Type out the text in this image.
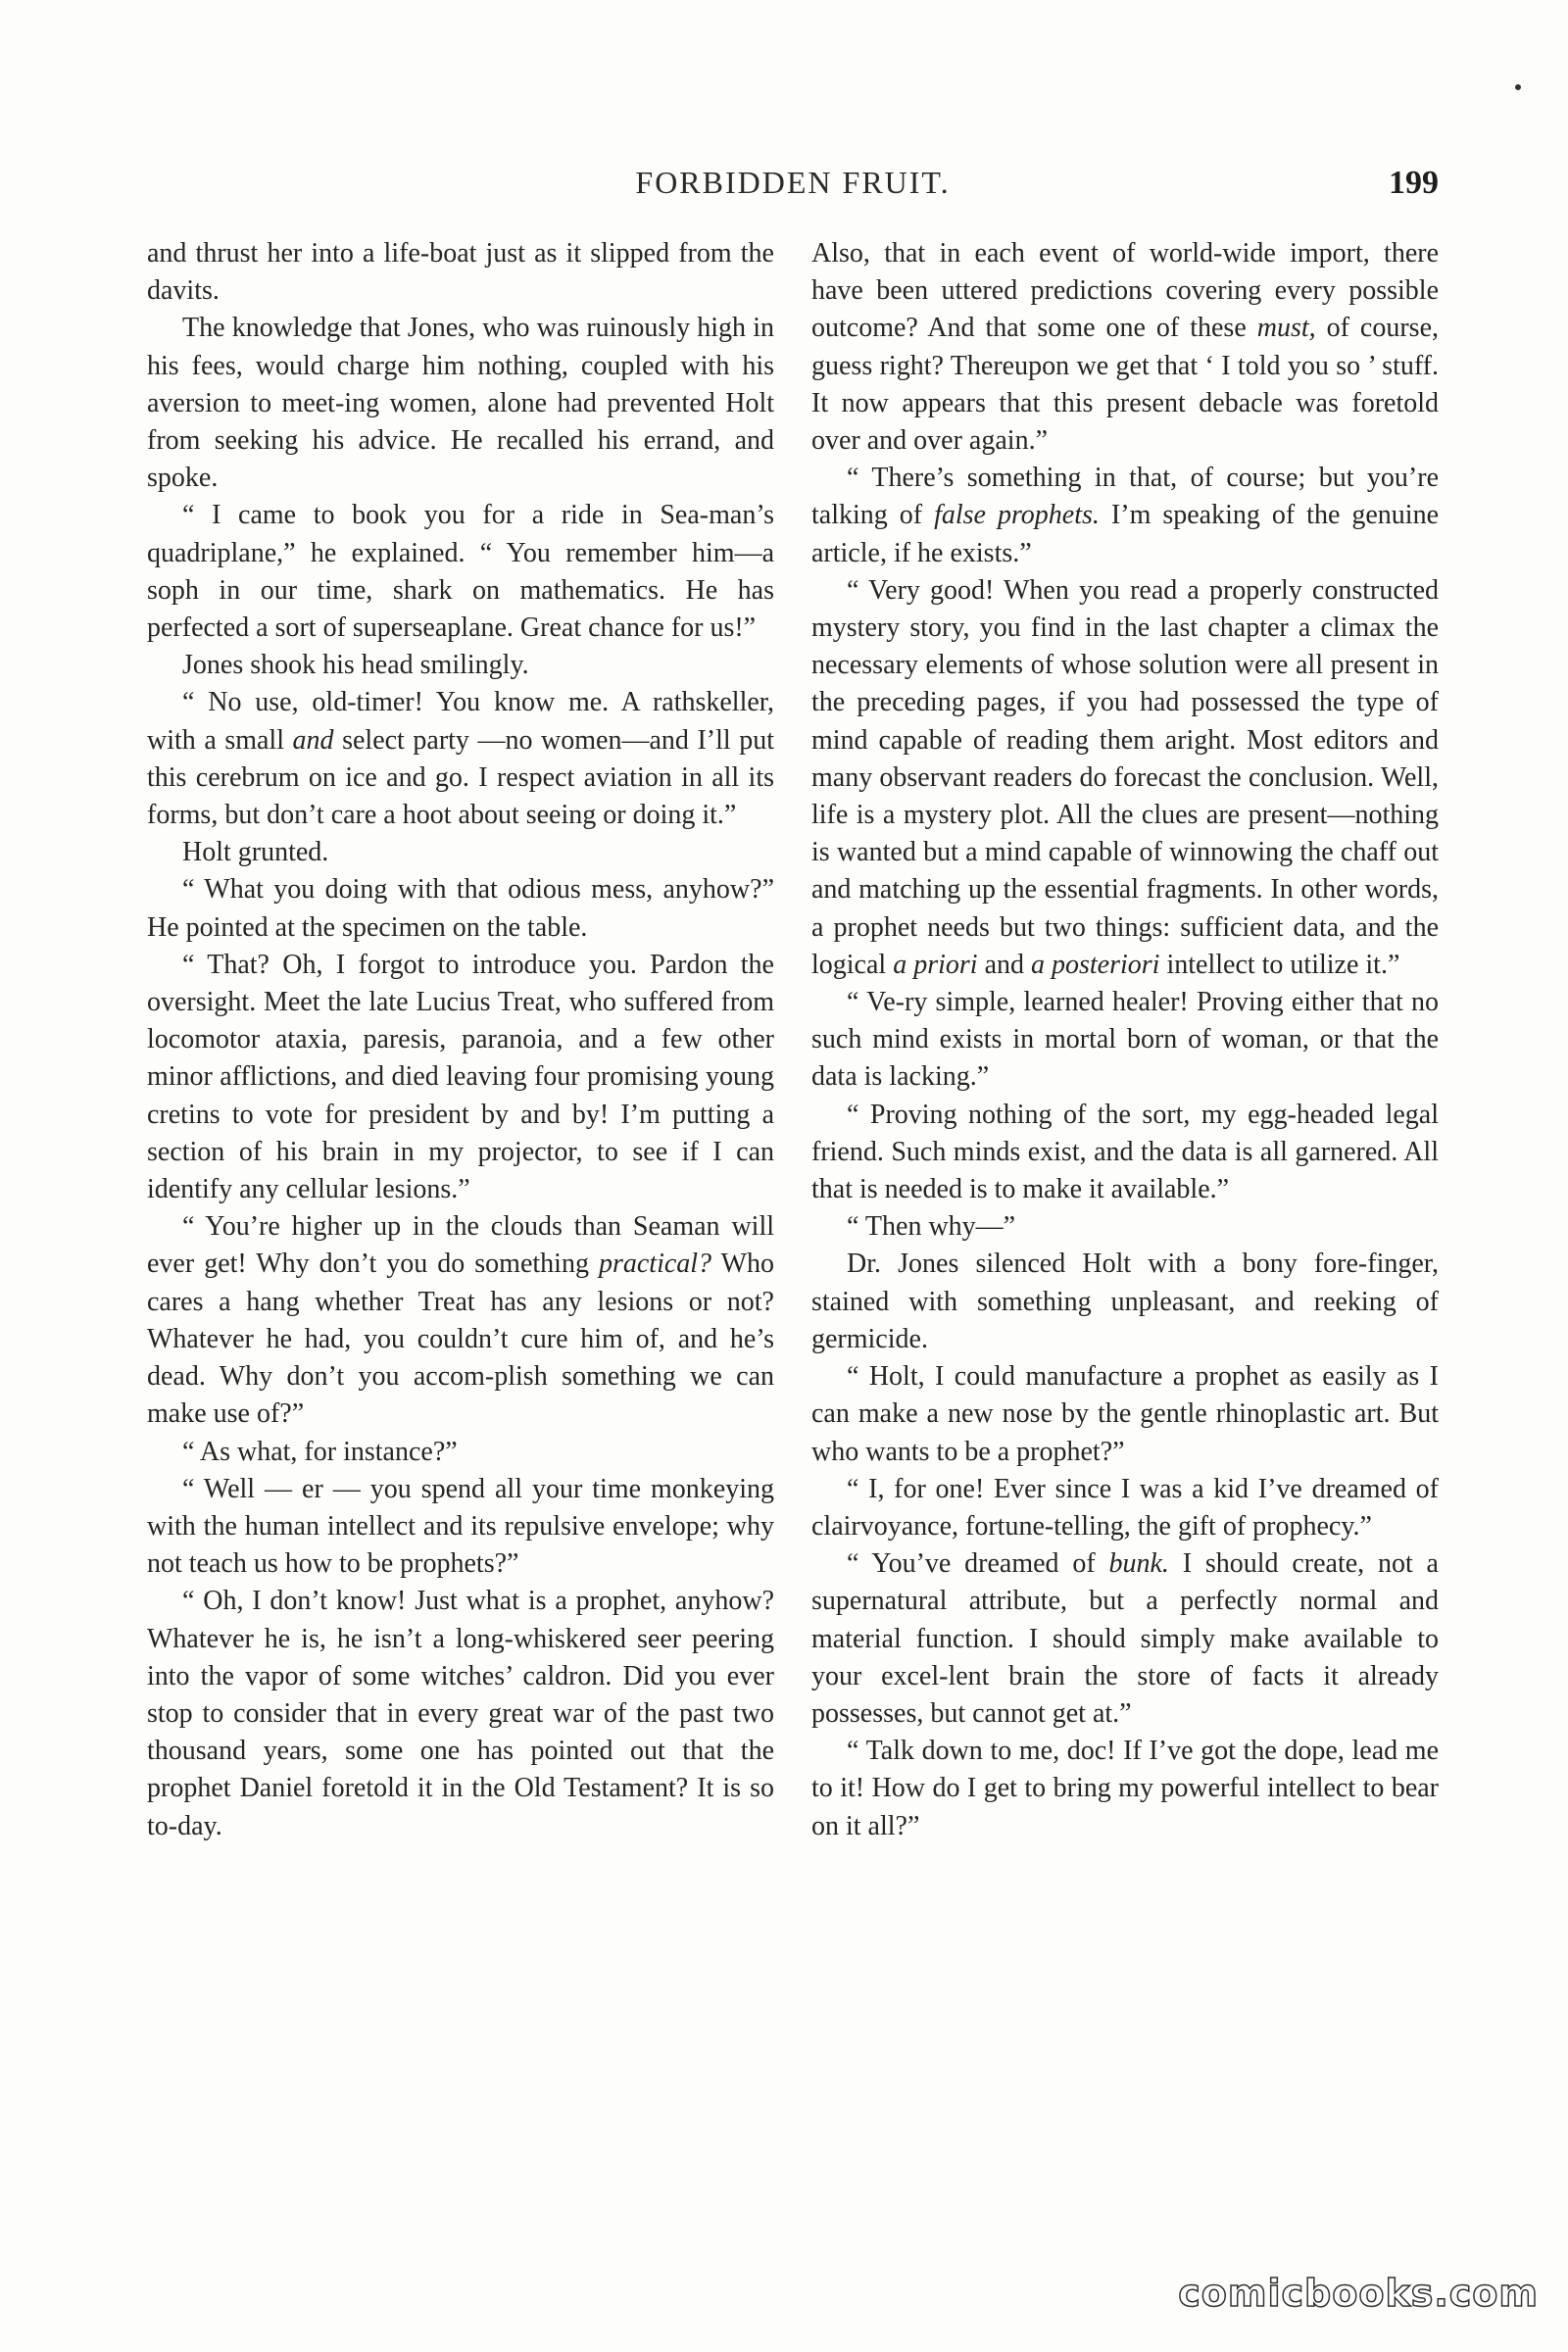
FORBIDDEN FRUIT.	199

and thrust her into a life-boat just as it slipped from the davits.

The knowledge that Jones, who was ruinously high in his fees, would charge him nothing, coupled with his aversion to meet-ing women, alone had prevented Holt from seeking his advice. He recalled his errand, and spoke.

“ I came to book you for a ride in Sea-man’s quadriplane,” he explained. “ You remember him—a soph in our time, shark on mathematics. He has perfected a sort of superseaplane. Great chance for us!”

Jones shook his head smilingly.

“ No use, old-timer! You know me. A rathskeller, with a small and select party —no women—and I’ll put this cerebrum on ice and go. I respect aviation in all its forms, but don’t care a hoot about seeing or doing it.”

Holt grunted.

“ What you doing with that odious mess, anyhow?” He pointed at the specimen on the table.

“ That? Oh, I forgot to introduce you. Pardon the oversight. Meet the late Lucius Treat, who suffered from locomotor ataxia, paresis, paranoia, and a few other minor afflictions, and died leaving four promising young cretins to vote for president by and by! I’m putting a section of his brain in my projector, to see if I can identify any cellular lesions.”

“ You’re higher up in the clouds than Seaman will ever get! Why don’t you do something practical? Who cares a hang whether Treat has any lesions or not? Whatever he had, you couldn’t cure him of, and he’s dead. Why don’t you accom-plish something we can make use of?”

“ As what, for instance?”

“ Well — er — you spend all your time monkeying with the human intellect and its repulsive envelope; why not teach us how to be prophets?”

“ Oh, I don’t know! Just what is a prophet, anyhow? Whatever he is, he isn’t a long-whiskered seer peering into the vapor of some witches’ caldron. Did you ever stop to consider that in every great war of the past two thousand years, some one has pointed out that the prophet Daniel foretold it in the Old Testament? It is so to-day.

Also, that in each event of world-wide import, there have been uttered predictions covering every possible outcome? And that some one of these must, of course, guess right? Thereupon we get that ‘ I told you so ’ stuff. It now appears that this present debacle was foretold over and over again.”

“ There’s something in that, of course; but you’re talking of false prophets. I’m speaking of the genuine article, if he exists.”

“ Very good! When you read a properly constructed mystery story, you find in the last chapter a climax the necessary elements of whose solution were all present in the preceding pages, if you had possessed the type of mind capable of reading them aright. Most editors and many observant readers do forecast the conclusion. Well, life is a mystery plot. All the clues are present—nothing is wanted but a mind capable of winnowing the chaff out and matching up the essential fragments. In other words, a prophet needs but two things: sufficient data, and the logical a priori and a posteriori intellect to utilize it.”

“ Ve-ry simple, learned healer! Proving either that no such mind exists in mortal born of woman, or that the data is lacking.”

“ Proving nothing of the sort, my egg-headed legal friend. Such minds exist, and the data is all garnered. All that is needed is to make it available.”

“ Then why—”

Dr. Jones silenced Holt with a bony fore-finger, stained with something unpleasant, and reeking of germicide.

“ Holt, I could manufacture a prophet as easily as I can make a new nose by the gentle rhinoplastic art. But who wants to be a prophet?”

“ I, for one! Ever since I was a kid I’ve dreamed of clairvoyance, fortune-telling, the gift of prophecy.”

“ You’ve dreamed of bunk. I should create, not a supernatural attribute, but a perfectly normal and material function. I should simply make available to your excel-lent brain the store of facts it already possesses, but cannot get at.”

“ Talk down to me, doc! If I’ve got the dope, lead me to it! How do I get to bring my powerful intellect to bear on it all?”

comicbooks.com
